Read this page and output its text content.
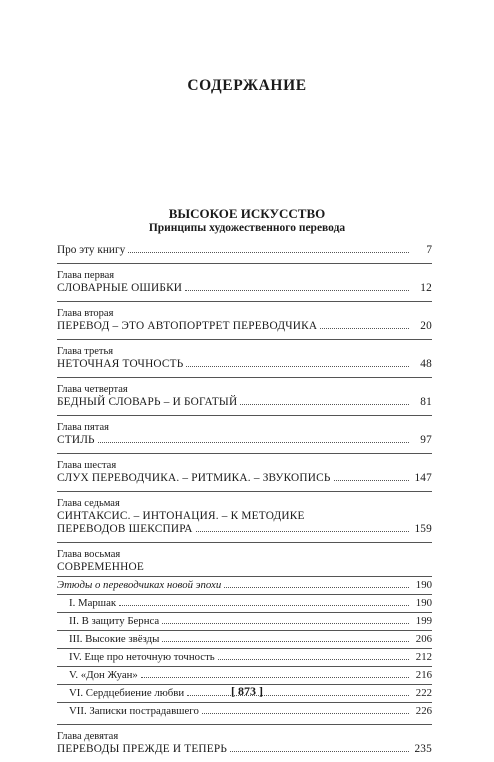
СОДЕРЖАНИЕ
ВЫСОКОЕ ИСКУССТВО
Принципы художественного перевода
Про эту книгу	7
Глава первая
СЛОВАРНЫЕ ОШИБКИ	12
Глава вторая
ПЕРЕВОД – ЭТО АВТОПОРТРЕТ ПЕРЕВОДЧИКА	20
Глава третья
НЕТОЧНАЯ ТОЧНОСТЬ	48
Глава четвертая
БЕДНЫЙ СЛОВАРЬ – И БОГАТЫЙ	81
Глава пятая
СТИЛЬ	97
Глава шестая
СЛУХ ПЕРЕВОДЧИКА. – РИТМИКА. – ЗВУКОПИСЬ	147
Глава седьмая
СИНТАКСИС. – ИНТОНАЦИЯ. – К МЕТОДИКЕ
ПЕРЕВОДОВ ШЕКСПИРА	159
Глава восьмая
СОВРЕМЕННОЕ
Этюды о переводчиках новой эпохи	190
I. Маршак	190
II. В защиту Бернса	199
III. Высокие звёзды	206
IV. Еще про неточную точность	212
V. «Дон Жуан»	216
VI. Сердцебиение любви	222
VII. Записки пострадавшего	226
Глава девятая
ПЕРЕВОДЫ ПРЕЖДЕ И ТЕПЕРЬ	235
[ 873 ]
